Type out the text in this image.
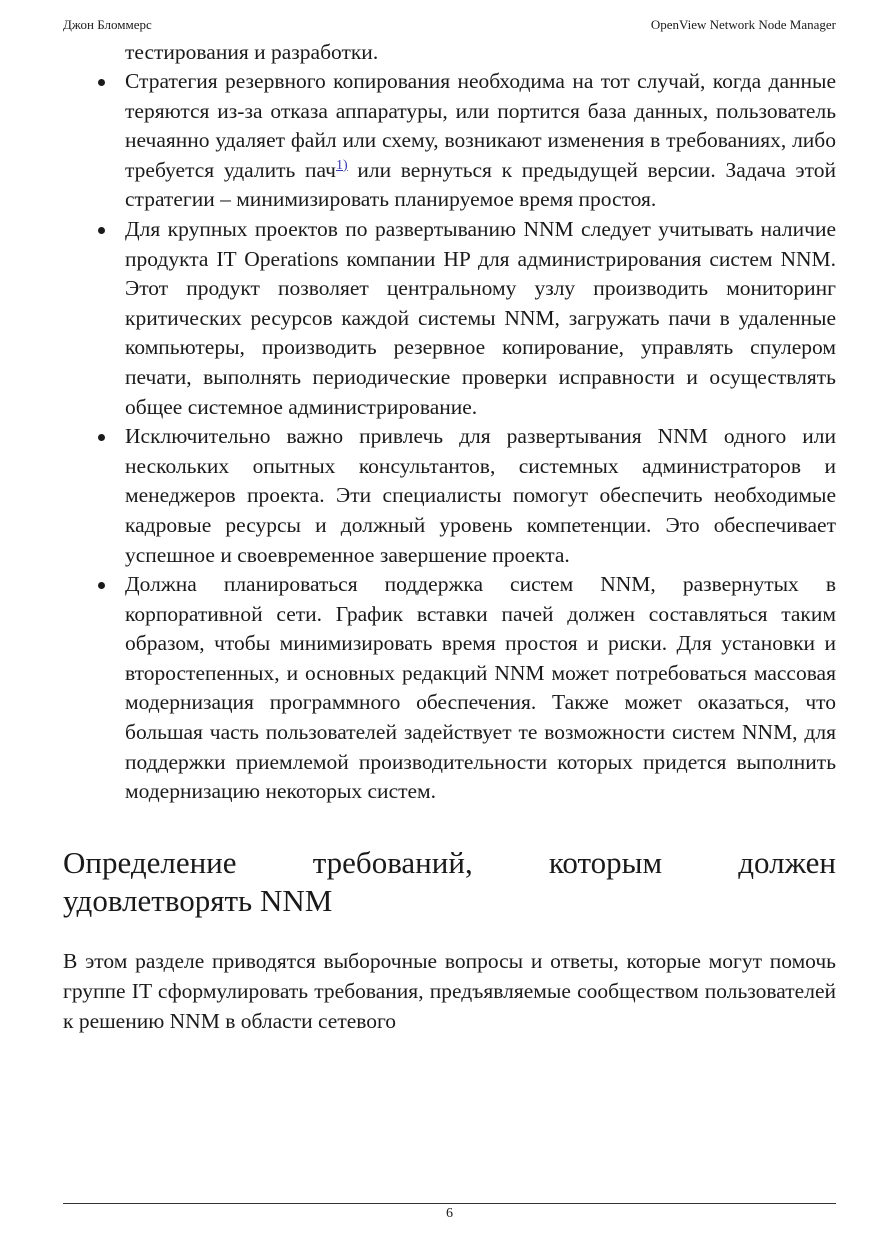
Джон Бломмерс	OpenView Network Node Manager
тестирования и разработки.
Стратегия резервного копирования необходима на тот случай, когда данные теряются из-за отказа аппаратуры, или портится база данных, пользователь нечаянно удаляет файл или схему, возникают изменения в требованиях, либо требуется удалить пач$^{1)}$ или вернуться к предыдущей версии. Задача этой стратегии – минимизировать планируемое время простоя.
Для крупных проектов по развертыванию NNM следует учитывать наличие продукта IT Operations компании HP для администрирования систем NNM. Этот продукт позволяет центральному узлу производить мониторинг критических ресурсов каждой системы NNM, загружать пачи в удаленные компьютеры, производить резервное копирование, управлять спулером печати, выполнять периодические проверки исправности и осуществлять общее системное администрирование.
Исключительно важно привлечь для развертывания NNM одного или нескольких опытных консультантов, системных администраторов и менеджеров проекта. Эти специалисты помогут обеспечить необходимые кадровые ресурсы и должный уровень компетенции. Это обеспечивает успешное и своевременное завершение проекта.
Должна планироваться поддержка систем NNM, развернутых в корпоративной сети. График вставки пачей должен составляться таким образом, чтобы минимизировать время простоя и риски. Для установки и второстепенных, и основных редакций NNM может потребоваться массовая модернизация программного обеспечения. Также может оказаться, что большая часть пользователей задействует те возможности систем NNM, для поддержки приемлемой производительности которых придется выполнить модернизацию некоторых систем.
Определение требований, которым должен
удовлетворять NNM

В этом разделе приводятся выборочные вопросы и ответы, которые могут помочь группе IT сформулировать требования, предъявляемые сообществом пользователей к решению NNM в области сетевого

6
